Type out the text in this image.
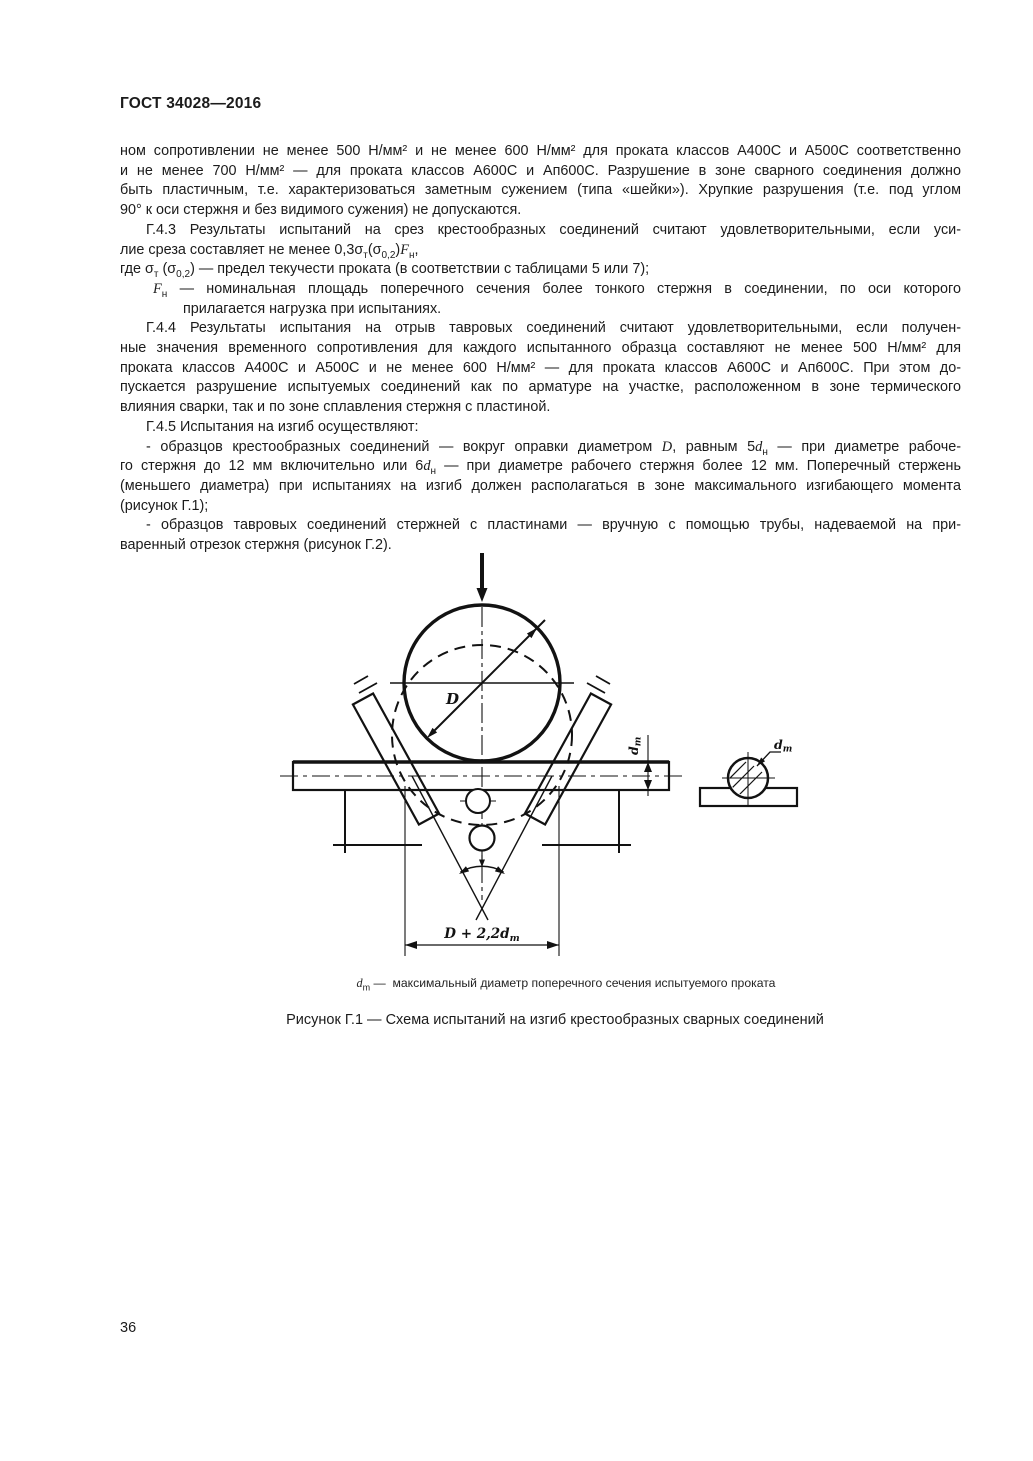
ГОСТ 34028—2016
ном сопротивлении не менее 500 Н/мм² и не менее 600 Н/мм² для проката классов А400С и А500С соответственно
и не менее 700 Н/мм² — для проката классов А600С и Ап600С. Разрушение в зоне сварного соединения должно
быть пластичным, т.е. характеризоваться заметным сужением (типа «шейки»). Хрупкие разрушения (т.е. под углом
90° к оси стержня и без видимого сужения) не допускаются.
Г.4.3 Результаты испытаний на срез крестообразных соединений считают удовлетворительными, если уси-
лие среза составляет не менее $0,3\sigma_т(\sigma_{0,2})F_н$,
где $\sigma_т$ $(\sigma_{0,2})$ — предел текучести проката (в соответствии с таблицами 5 или 7);
$F_н$ — номинальная площадь поперечного сечения более тонкого стержня в соединении, по оси которого
прилагается нагрузка при испытаниях.
Г.4.4 Результаты испытания на отрыв тавровых соединений считают удовлетворительными, если получен-
ные значения временного сопротивления для каждого испытанного образца составляют не менее 500 Н/мм² для
проката классов А400С и А500С и не менее 600 Н/мм² — для проката классов А600С и Ап600С. При этом до-
пускается разрушение испытуемых соединений как по арматуре на участке, расположенном в зоне термического
влияния сварки, так и по зоне сплавления стержня с пластиной.
Г.4.5 Испытания на изгиб осуществляют:
- образцов крестообразных соединений — вокруг оправки диаметром D, равным $5d_н$ — при диаметре рабоче-
го стержня до 12 мм включительно или $6d_н$ — при диаметре рабочего стержня более 12 мм. Поперечный стержень
(меньшего диаметра) при испытаниях на изгиб должен располагаться в зоне максимального изгибающего момента
(рисунок Г.1);
- образцов тавровых соединений стержней с пластинами — вручную с помощью трубы, надеваемой на при-
варенный отрезок стержня (рисунок Г.2).
D
$d_m$
$D + 2,2d_m$
$d_m$
$d_m$ —  максимальный диаметр поперечного сечения испытуемого проката
Рисунок Г.1 — Схема испытаний на изгиб крестообразных сварных соединений
36
